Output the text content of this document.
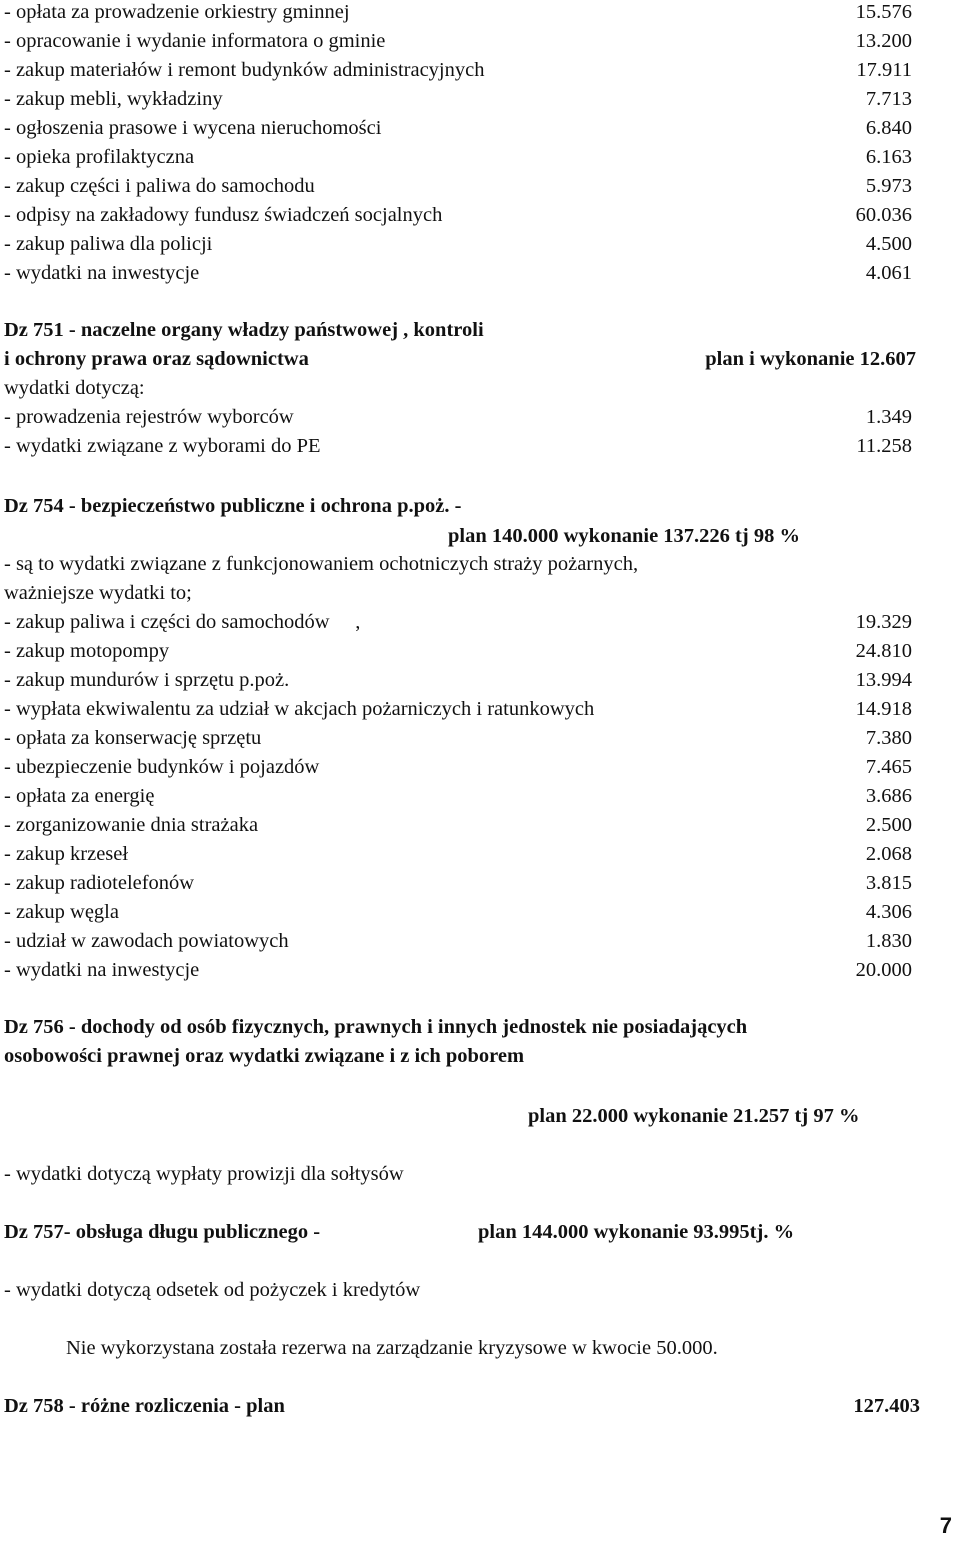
- opłata za prowadzenie orkiestry gminnej	15.576
- opracowanie i wydanie informatora o gminie	13.200
- zakup materiałów i remont budynków administracyjnych	17.911
- zakup mebli, wykładziny	7.713
- ogłoszenia prasowe i wycena nieruchomości	6.840
- opieka profilaktyczna	6.163
- zakup części i paliwa do samochodu	5.973
- odpisy na zakładowy fundusz świadczeń socjalnych	60.036
- zakup paliwa dla policji	4.500
- wydatki na inwestycje	4.061
Dz 751 - naczelne organy władzy państwowej , kontroli
i ochrony prawa oraz sądownictwa	plan i wykonanie 12.607
wydatki dotyczą:
- prowadzenia rejestrów wyborców	1.349
- wydatki związane z wyborami do PE	11.258
Dz 754 - bezpieczeństwo publiczne i ochrona p.poż. -
plan 140.000 wykonanie 137.226 tj 98 %
- są to wydatki związane z funkcjonowaniem ochotniczych straży pożarnych,
ważniejsze wydatki to;
- zakup paliwa i części do samochodów     ,	19.329
- zakup motopompy	24.810
- zakup mundurów i sprzętu p.poż.	13.994
- wypłata ekwiwalentu za udział w akcjach pożarniczych i ratunkowych	14.918
- opłata za konserwację sprzętu	7.380
- ubezpieczenie budynków i pojazdów	7.465
- opłata za energię	3.686
- zorganizowanie dnia strażaka	2.500
- zakup krzeseł	2.068
- zakup radiotelefonów	3.815
- zakup węgla	4.306
- udział w zawodach powiatowych	1.830
- wydatki na inwestycje	20.000
Dz 756 - dochody od osób fizycznych, prawnych i innych jednostek nie posiadających
osobowości prawnej oraz wydatki związane i z ich poborem
plan 22.000 wykonanie 21.257 tj 97 %
- wydatki dotyczą wypłaty prowizji dla sołtysów
Dz 757- obsługa długu publicznego -	plan 144.000 wykonanie 93.995tj. %
- wydatki dotyczą odsetek od pożyczek i kredytów
Nie wykorzystana została rezerwa na zarządzanie kryzysowe w kwocie 50.000.
Dz 758 - różne rozliczenia - plan	127.403
7
